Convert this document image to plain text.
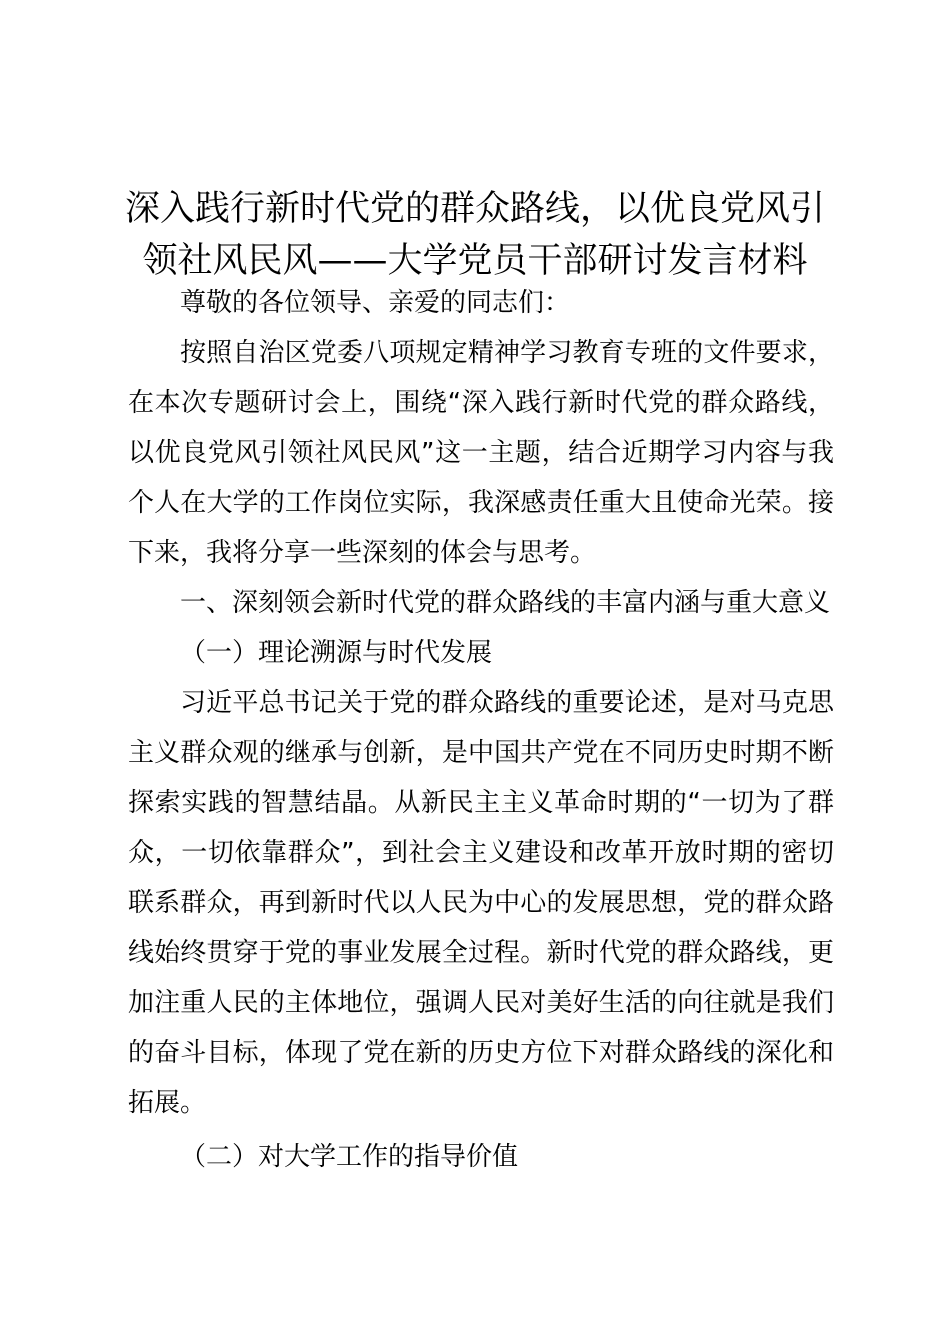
深入践行新时代党的群众路线，以优良党风引领社风民风——大学党员干部研讨发言材料

尊敬的各位领导、亲爱的同志们：

按照自治区党委八项规定精神学习教育专班的文件要求，在本次专题研讨会上，围绕“深入践行新时代党的群众路线，以优良党风引领社风民风”这一主题，结合近期学习内容与我个人在大学的工作岗位实际，我深感责任重大且使命光荣。接下来，我将分享一些深刻的体会与思考。

一、深刻领会新时代党的群众路线的丰富内涵与重大意义

（一）理论溯源与时代发展

习近平总书记关于党的群众路线的重要论述，是对马克思主义群众观的继承与创新，是中国共产党在不同历史时期不断探索实践的智慧结晶。从新民主主义革命时期的“一切为了群众，一切依靠群众”，到社会主义建设和改革开放时期的密切联系群众，再到新时代以人民为中心的发展思想，党的群众路线始终贯穿于党的事业发展全过程。新时代党的群众路线，更加注重人民的主体地位，强调人民对美好生活的向往就是我们的奋斗目标，体现了党在新的历史方位下对群众路线的深化和拓展。

（二）对大学工作的指导价值
